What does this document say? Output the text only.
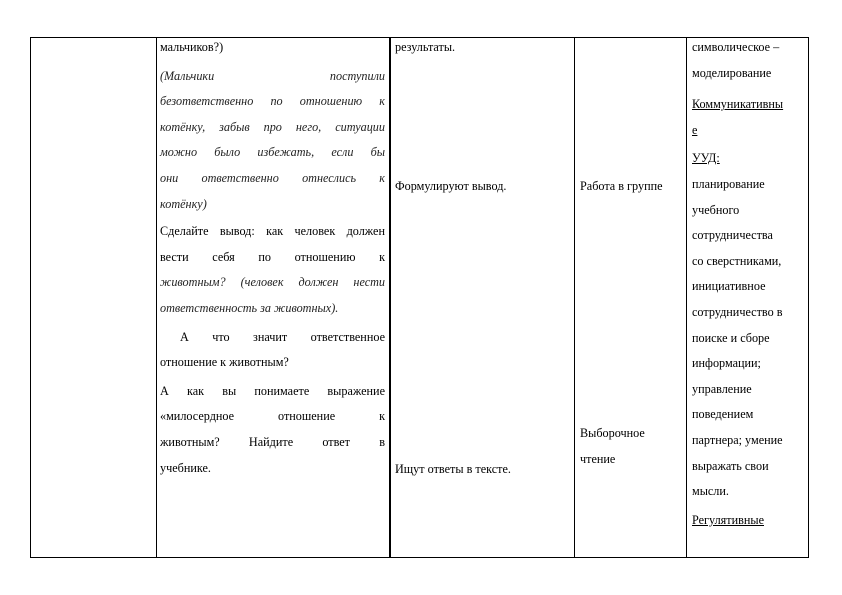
мальчиков?)
(Мальчики поступили
безответственно по отношению к
котёнку, забыв про него, ситуации
можно было избежать, если бы
они ответственно отнеслись к
котёнку)
Сделайте вывод: как человек должен
вести себя по отношению к
животным? (человек должен нести
ответственность за животных).
А что значит ответственное
отношение к животным?
А как вы понимаете выражение
«милосердное отношение к
животным? Найдите ответ в
учебнике.
результаты.
Формулируют вывод.
Ищут ответы в тексте.
Работа в группе
Выборочное
чтение
символическое –
моделирование
Коммуникативны
е
УУД:
планирование
учебного
сотрудничества
со сверстниками,
инициативное
сотрудничество в
поиске и сборе
информации;
управление
поведением
партнера; умение
выражать свои
мысли.
Регулятивные
